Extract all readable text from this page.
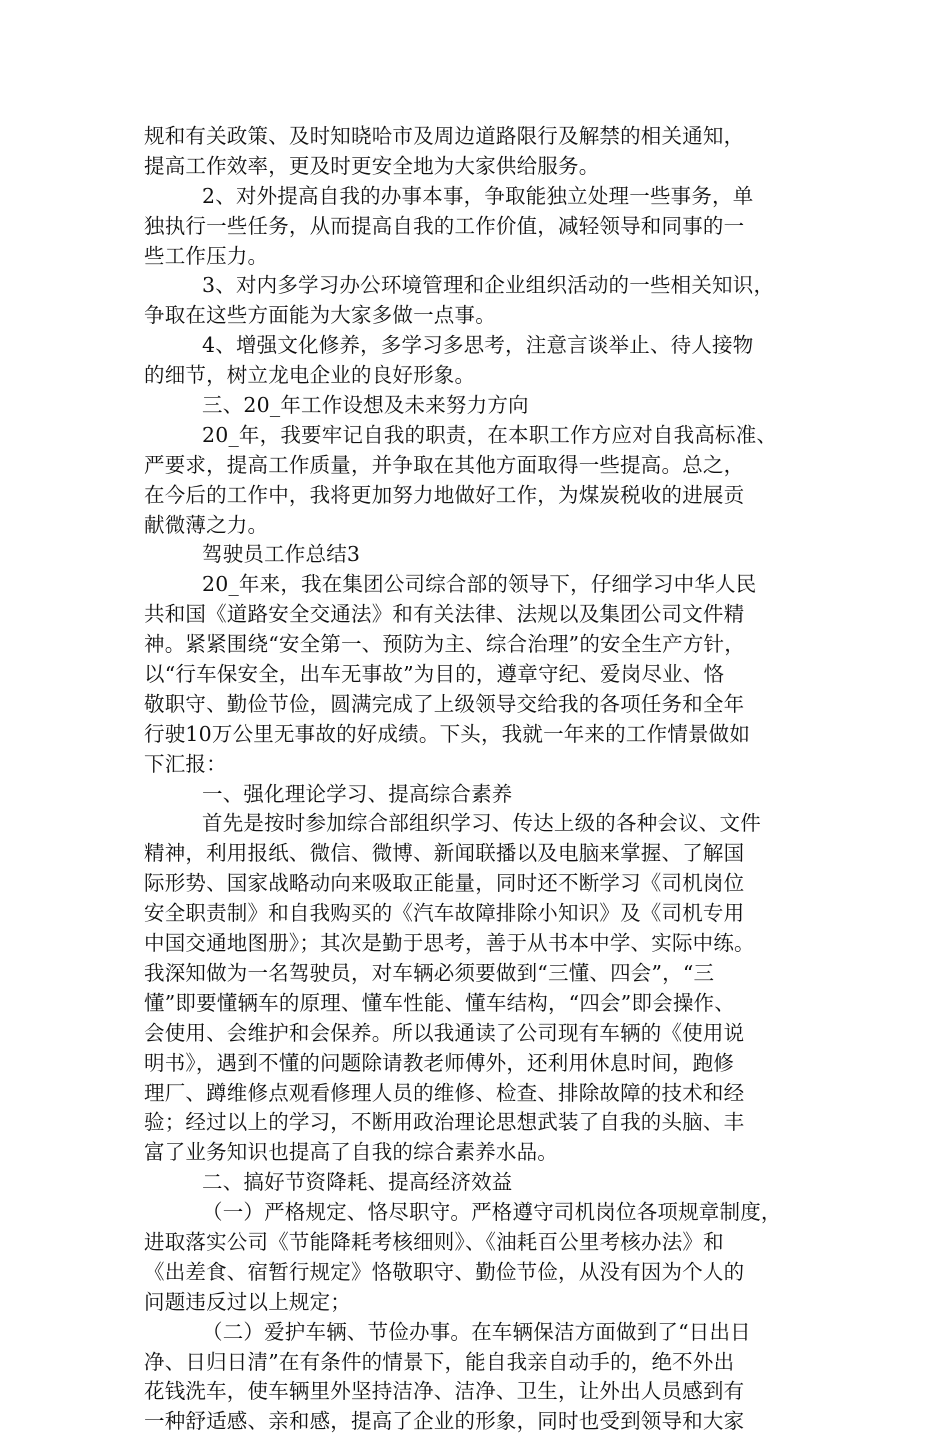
规和有关政策、及时知晓哈市及周边道路限行及解禁的相关通知，
提高工作效率，更及时更安全地为大家供给服务。
2、对外提高自我的办事本事，争取能独立处理一些事务，单
独执行一些任务，从而提高自我的工作价值，减轻领导和同事的一
些工作压力。
3、对内多学习办公环境管理和企业组织活动的一些相关知识，
争取在这些方面能为大家多做一点事。
4、增强文化修养，多学习多思考，注意言谈举止、待人接物
的细节，树立龙电企业的良好形象。
三、20_年工作设想及未来努力方向
20_年，我要牢记自我的职责，在本职工作方应对自我高标准、
严要求，提高工作质量，并争取在其他方面取得一些提高。总之，
在今后的工作中，我将更加努力地做好工作，为煤炭税收的进展贡
献微薄之力。
驾驶员工作总结3
20_年来，我在集团公司综合部的领导下，仔细学习中华人民
共和国《道路安全交通法》和有关法律、法规以及集团公司文件精
神。紧紧围绕“安全第一、预防为主、综合治理”的安全生产方针，
以“行车保安全，出车无事故”为目的，遵章守纪、爱岗尽业、恪
敬职守、勤俭节俭，圆满完成了上级领导交给我的各项任务和全年
行驶10万公里无事故的好成绩。下头，我就一年来的工作情景做如
下汇报：
一、强化理论学习、提高综合素养
首先是按时参加综合部组织学习、传达上级的各种会议、文件
精神，利用报纸、微信、微博、新闻联播以及电脑来掌握、了解国
际形势、国家战略动向来吸取正能量，同时还不断学习《司机岗位
安全职责制》和自我购买的《汽车故障排除小知识》及《司机专用
中国交通地图册》；其次是勤于思考，善于从书本中学、实际中练。
我深知做为一名驾驶员，对车辆必须要做到“三懂、四会”，“三
懂”即要懂辆车的原理、懂车性能、懂车结构，“四会”即会操作、
会使用、会维护和会保养。所以我通读了公司现有车辆的《使用说
明书》，遇到不懂的问题除请教老师傅外，还利用休息时间，跑修
理厂、蹲维修点观看修理人员的维修、检查、排除故障的技术和经
验；经过以上的学习，不断用政治理论思想武装了自我的头脑、丰
富了业务知识也提高了自我的综合素养水品。
二、搞好节资降耗、提高经济效益
（一）严格规定、恪尽职守。严格遵守司机岗位各项规章制度，
进取落实公司《节能降耗考核细则》、《油耗百公里考核办法》和
《出差食、宿暂行规定》恪敬职守、勤俭节俭，从没有因为个人的
问题违反过以上规定；
（二）爱护车辆、节俭办事。在车辆保洁方面做到了“日出日
净、日归日清”在有条件的情景下，能自我亲自动手的，绝不外出
花钱洗车，使车辆里外坚持洁净、洁净、卫生，让外出人员感到有
一种舒适感、亲和感，提高了企业的形象，同时也受到领导和大家
